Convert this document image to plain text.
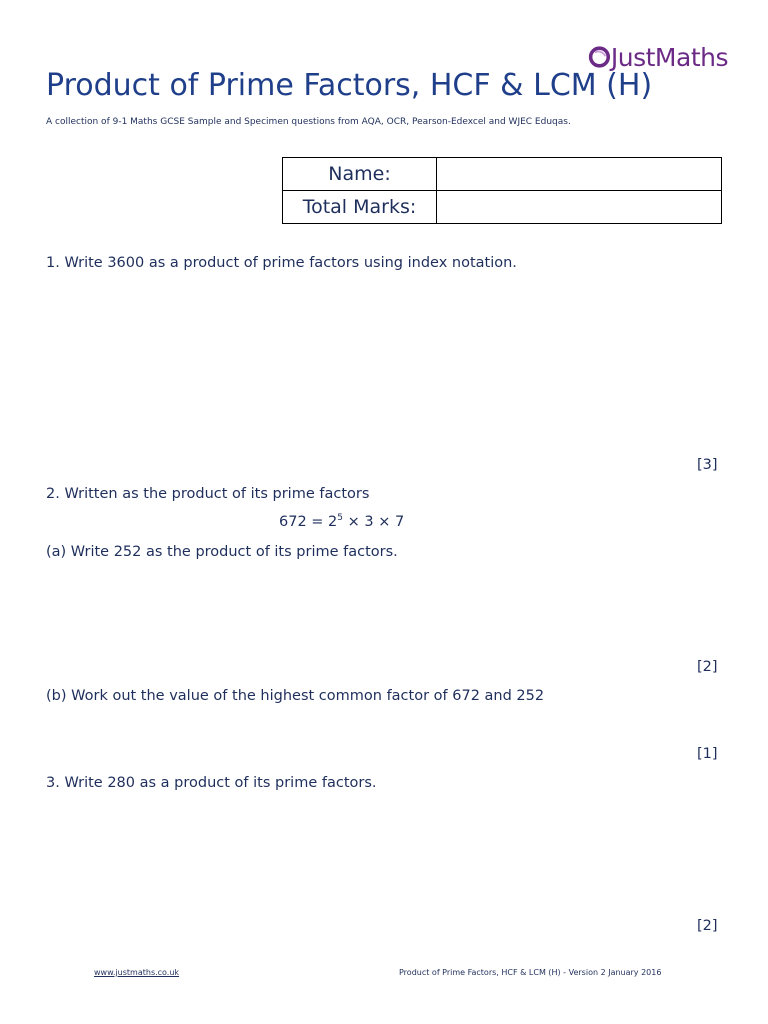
JustMaths
Product of Prime Factors, HCF & LCM (H)
A collection of 9-1 Maths GCSE Sample and Specimen questions from AQA, OCR, Pearson-Edexcel and WJEC Eduqas.
Name:	
Total Marks:	
1. Write 3600 as a product of prime factors using index notation.
[3]
2. Written as the product of its prime factors
$672 = 2^5 \times 3 \times 7$
(a) Write 252 as the product of its prime factors.
[2]
(b) Work out the value of the highest common factor of 672 and 252
[1]
3. Write 280 as a product of its prime factors.
[2]
www.justmaths.co.uk	Product of Prime Factors, HCF & LCM (H) - Version 2 January 2016
